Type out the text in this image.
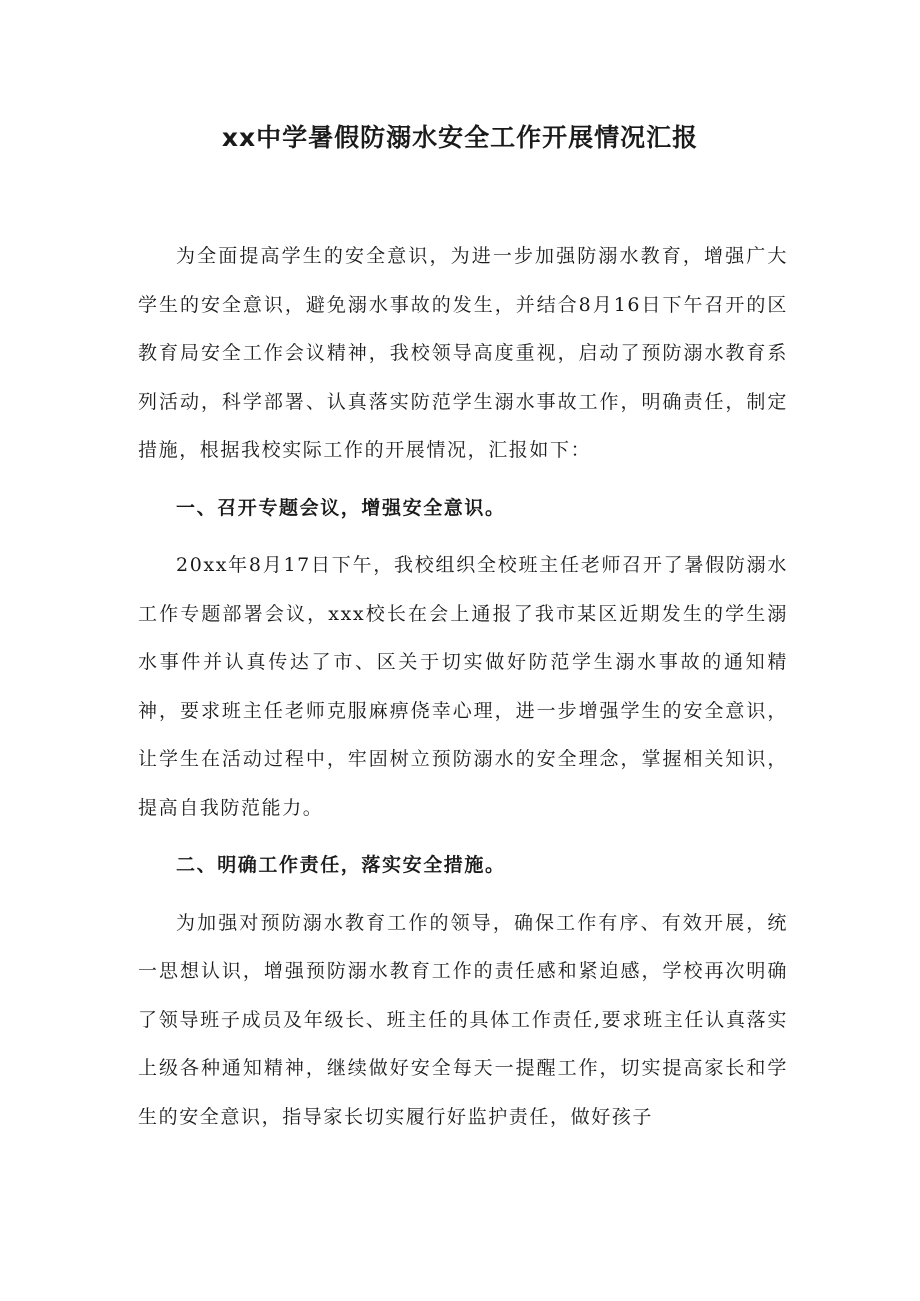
xx中学暑假防溺水安全工作开展情况汇报

为全面提高学生的安全意识，为进一步加强防溺水教育，增强广大学生的安全意识，避免溺水事故的发生，并结合8月16日下午召开的区教育局安全工作会议精神，我校领导高度重视，启动了预防溺水教育系列活动，科学部署、认真落实防范学生溺水事故工作，明确责任，制定措施，根据我校实际工作的开展情况，汇报如下：

一、召开专题会议，增强安全意识。

20xx年8月17日下午，我校组织全校班主任老师召开了暑假防溺水工作专题部署会议，xxx校长在会上通报了我市某区近期发生的学生溺水事件并认真传达了市、区关于切实做好防范学生溺水事故的通知精神，要求班主任老师克服麻痹侥幸心理，进一步增强学生的安全意识，让学生在活动过程中，牢固树立预防溺水的安全理念，掌握相关知识，提高自我防范能力。

二、明确工作责任，落实安全措施。

为加强对预防溺水教育工作的领导，确保工作有序、有效开展，统一思想认识，增强预防溺水教育工作的责任感和紧迫感，学校再次明确了领导班子成员及年级长、班主任的具体工作责任,要求班主任认真落实上级各种通知精神，继续做好安全每天一提醒工作，切实提高家长和学生的安全意识，指导家长切实履行好监护责任，做好孩子
